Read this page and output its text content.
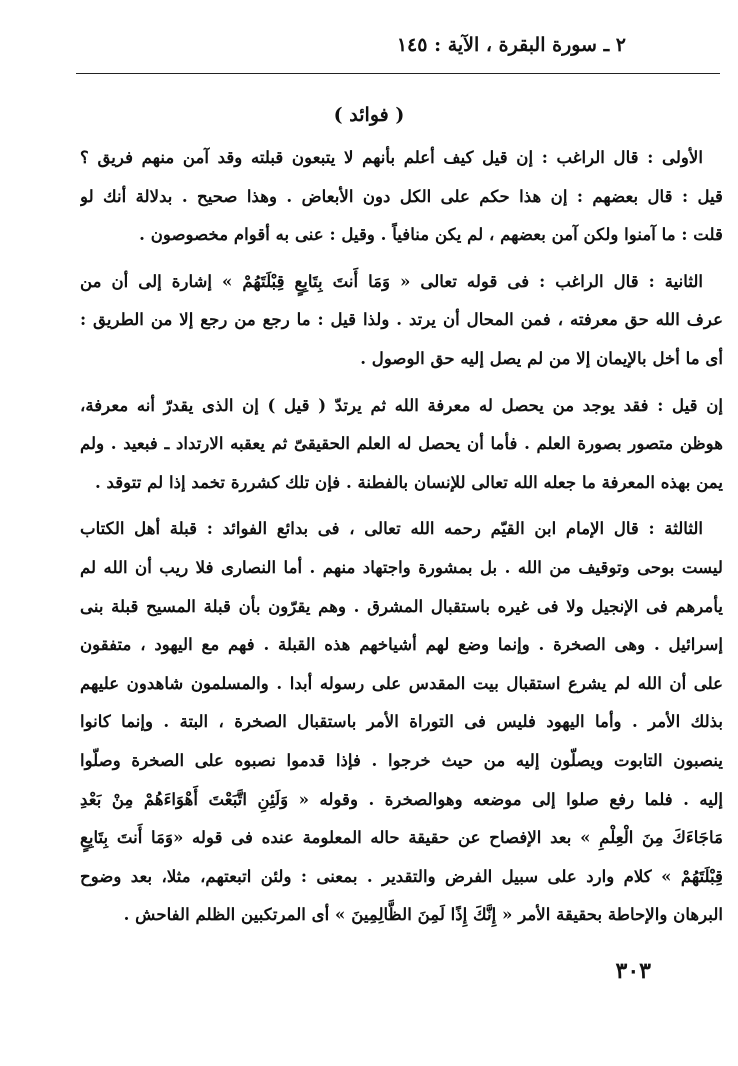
٢ ـ سورة البقرة ، الآية : ١٤٥
( فوائد )
الأولى : قال الراغب : إن قيل كيف أعلم بأنهم لا يتبعون قبلته وقد آمن منهم فريق ؟
قيل : قال بعضهم : إن هذا حكم على الكل دون الأبعاض . وهذا صحيح . بدلالة أنك لو
قلت : ما آمنوا ولكن آمن بعضهم ، لم يكن منافياً . وقيل : عنى به أقوام مخصوصون .
الثانية : قال الراغب : فى قوله تعالى « وَمَا أَنتَ بِتَابِعٍ قِبْلَتَهُمْ » إشارة إلى أن من
عرف الله حق معرفته ، فمن المحال أن يرتد . ولذا قيل : ما رجع من رجع إلا من الطريق :
أى ما أخل بالإيمان إلا من لم يصل إليه حق الوصول .
إن قيل : فقد يوجد من يحصل له معرفة الله ثم يرتدّ ( قيل ) إن الذى يقدرّ أنه معرفة،
هوظن متصور بصورة العلم . فأما أن يحصل له العلم الحقيقىّ ثم يعقبه الارتداد ـ فبعيد . ولم
يمن بهذه المعرفة ما جعله الله تعالى للإنسان بالفطنة . فإن تلك كشررة تخمد إذا لم تتوقد .
الثالثة : قال الإمام ابن القيّم رحمه الله تعالى ، فى بدائع الفوائد : قبلة أهل الكتاب
ليست بوحى وتوقيف من الله . بل بمشورة واجتهاد منهم . أما النصارى فلا ريب أن الله لم
يأمرهم فى الإنجيل ولا فى غيره باستقبال المشرق . وهم يقرّون بأن قبلة المسيح قبلة بنى
إسرائيل . وهى الصخرة . وإنما وضع لهم أشياخهم هذه القبلة . فهم مع اليهود ، متفقون
على أن الله لم يشرع استقبال بيت المقدس على رسوله أبدا . والمسلمون شاهدون عليهم
بذلك الأمر . وأما اليهود فليس فى التوراة الأمر باستقبال الصخرة ، البتة . وإنما كانوا
ينصبون التابوت ويصلّون إليه من حيث خرجوا . فإذا قدموا نصبوه على الصخرة وصلّوا
إليه . فلما رفع صلوا إلى موضعه وهوالصخرة . وقوله « وَلَئِنِ اتَّبَعْتَ أَهْوَاءَهُمْ مِنْ بَعْدِ
مَاجَاءَكَ مِنَ الْعِلْمِ » بعد الإفصاح عن حقيقة حاله المعلومة عنده فى قوله «وَمَا أَنتَ بِتَابِعٍ
قِبْلَتَهُمْ » كلام وارد على سبيل الفرض والتقدير . بمعنى : ولئن اتبعتهم، مثلا، بعد وضوح
البرهان والإحاطة بحقيقة الأمر « إِنَّكَ إِذًا لَمِنَ الظَّالِمِينَ » أى المرتكبين الظلم الفاحش .
٣٠٣
